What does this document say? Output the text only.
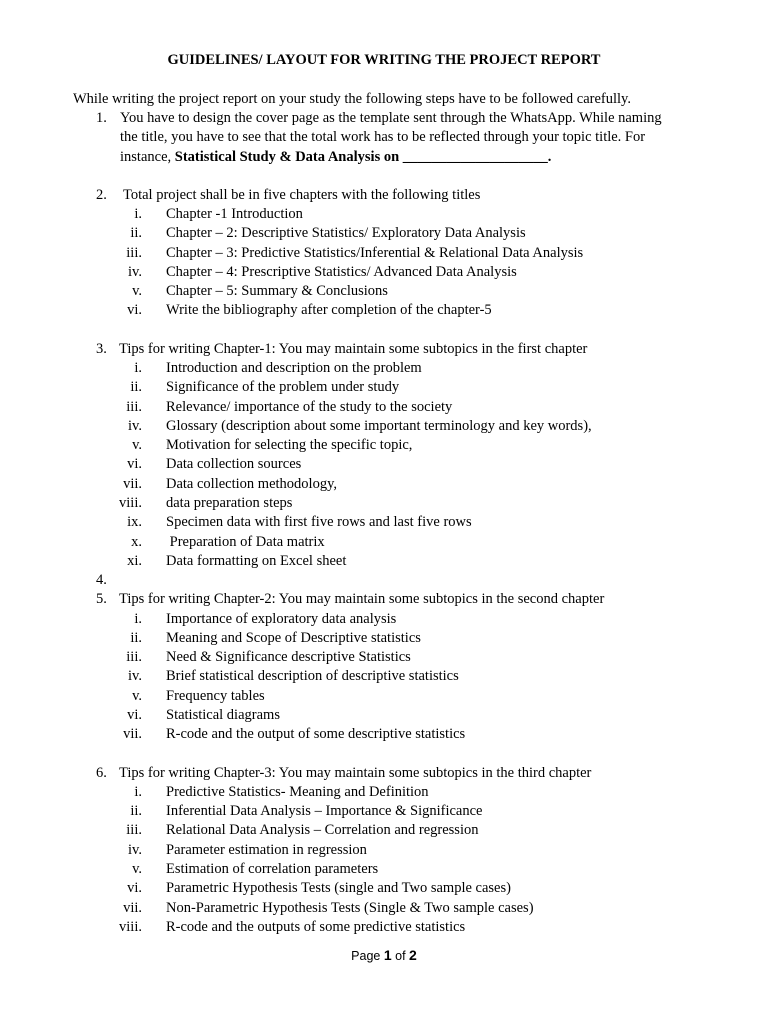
GUIDELINES/ LAYOUT FOR WRITING THE PROJECT REPORT
While writing the project report on your study the following steps have to be followed carefully.
1. You have to design the cover page as the template sent through the WhatsApp. While naming
the title, you have to see that the total work has to be reflected through your topic title. For
instance, Statistical Study & Data Analysis on ____________________.
2. Total project shall be in five chapters with the following titles
i. Chapter -1 Introduction
ii. Chapter – 2: Descriptive Statistics/ Exploratory Data Analysis
iii. Chapter – 3: Predictive Statistics/Inferential & Relational Data Analysis
iv. Chapter – 4: Prescriptive Statistics/ Advanced Data Analysis
v. Chapter – 5: Summary & Conclusions
vi. Write the bibliography after completion of the chapter-5
3. Tips for writing Chapter-1: You may maintain some subtopics in the first chapter
i. Introduction and description on the problem
ii. Significance of the problem under study
iii. Relevance/ importance of the study to the society
iv. Glossary (description about some important terminology and key words),
v. Motivation for selecting the specific topic,
vi. Data collection sources
vii. Data collection methodology,
viii. data preparation steps
ix. Specimen data with first five rows and last five rows
x. Preparation of Data matrix
xi. Data formatting on Excel sheet
4.
5. Tips for writing Chapter-2: You may maintain some subtopics in the second chapter
i. Importance of exploratory data analysis
ii. Meaning and Scope of Descriptive statistics
iii. Need & Significance descriptive Statistics
iv. Brief statistical description of descriptive statistics
v. Frequency tables
vi. Statistical diagrams
vii. R-code and the output of some descriptive statistics
6. Tips for writing Chapter-3: You may maintain some subtopics in the third chapter
i. Predictive Statistics- Meaning and Definition
ii. Inferential Data Analysis – Importance & Significance
iii. Relational Data Analysis – Correlation and regression
iv. Parameter estimation in regression
v. Estimation of correlation parameters
vi. Parametric Hypothesis Tests (single and Two sample cases)
vii. Non-Parametric Hypothesis Tests (Single & Two sample cases)
viii. R-code and the outputs of some predictive statistics
Page 1 of 2
